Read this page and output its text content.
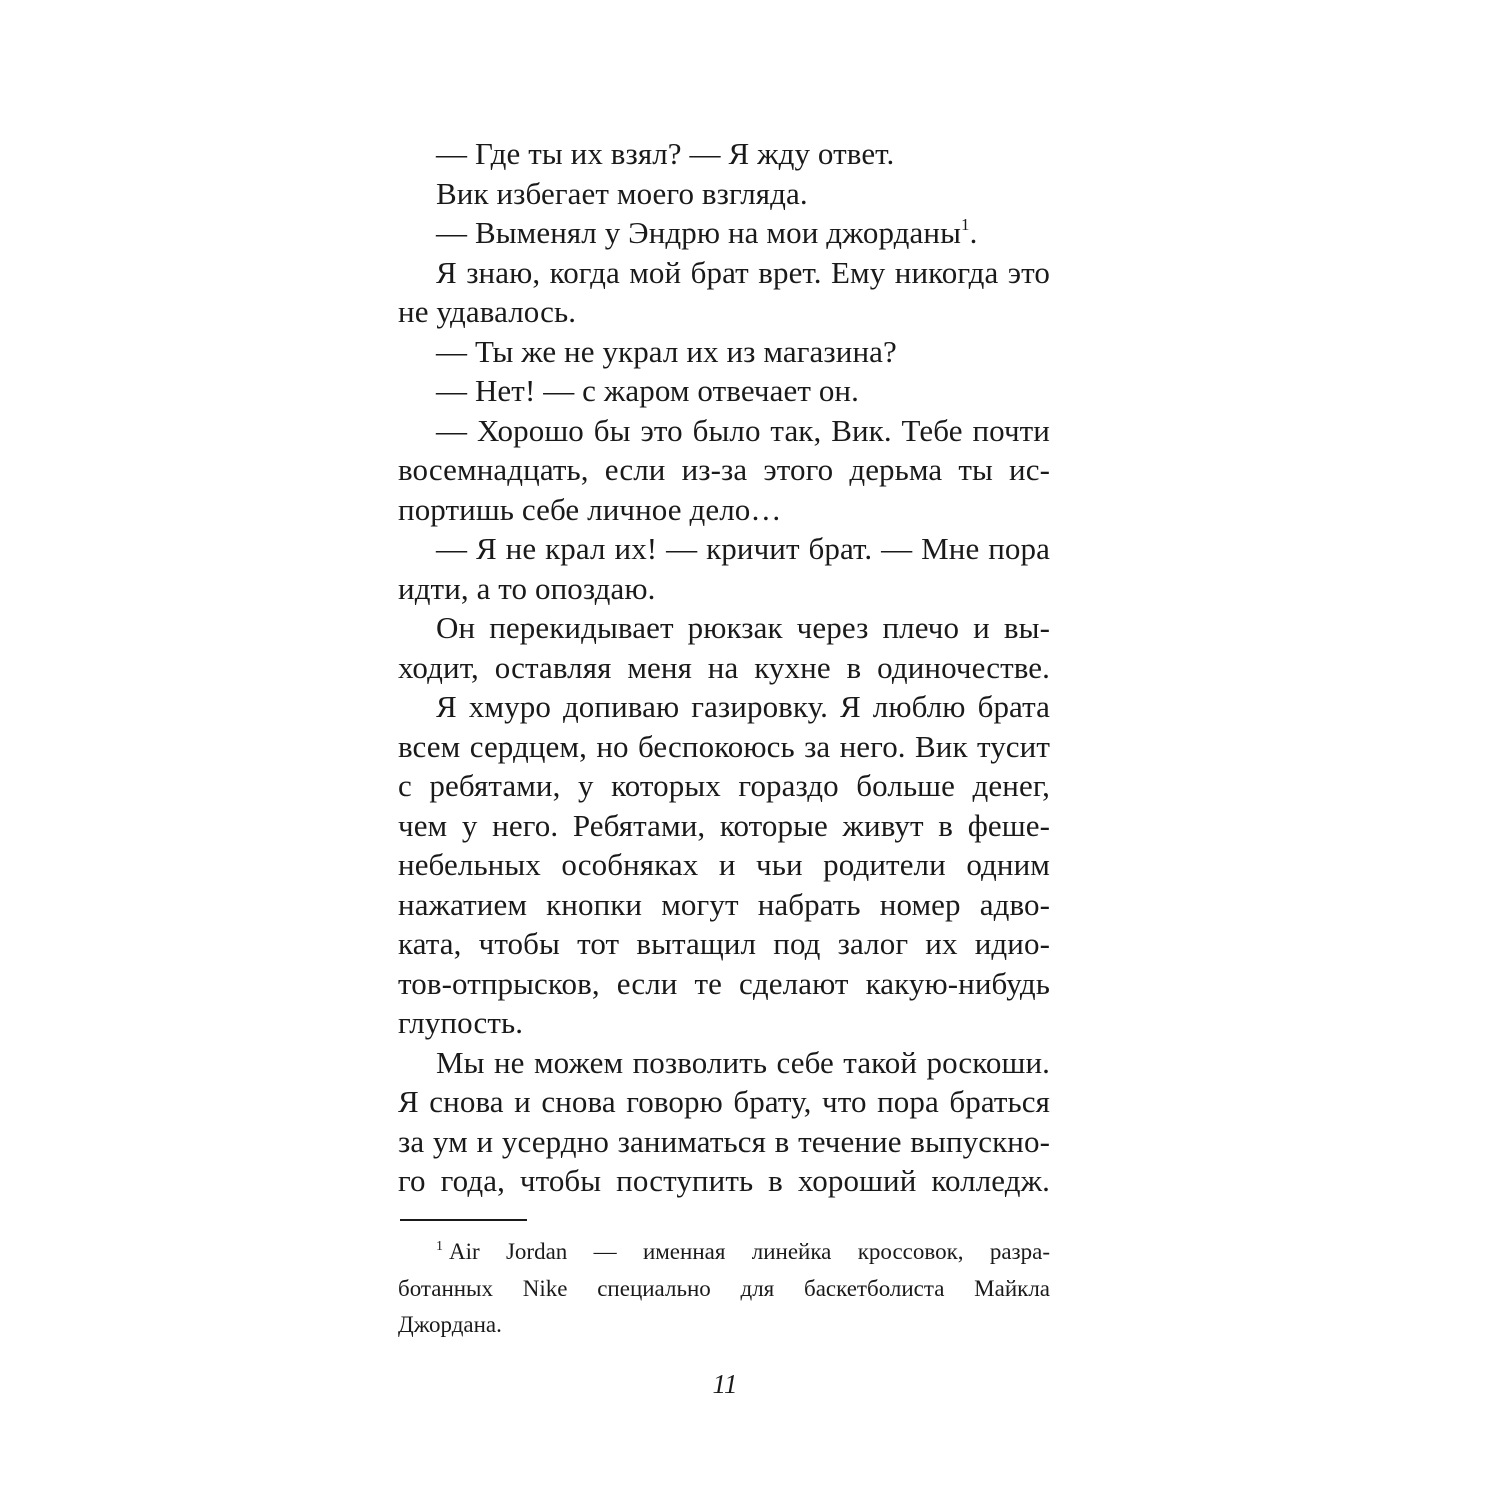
— Где ты их взял? — Я жду ответ.
Вик избегает моего взгляда.
— Выменял у Эндрю на мои джорданы$^1$.
Я знаю, когда мой брат врет. Ему никогда это
не удавалось.
— Ты же не украл их из магазина?
— Нет! — с жаром отвечает он.
— Хорошо бы это было так, Вик. Тебе почти
восемнадцать, если из-за этого дерьма ты ис-
портишь себе личное дело…
— Я не крал их! — кричит брат. — Мне пора
идти, а то опоздаю.
Он перекидывает рюкзак через плечо и вы-
ходит, оставляя меня на кухне в одиночестве.
Я хмуро допиваю газировку. Я люблю брата
всем сердцем, но беспокоюсь за него. Вик тусит
с ребятами, у которых гораздо больше денег,
чем у него. Ребятами, которые живут в феше-
небельных особняках и чьи родители одним
нажатием кнопки могут набрать номер адво-
ката, чтобы тот вытащил под залог их идио-
тов-отпрысков, если те сделают какую-нибудь
глупость.
Мы не можем позволить себе такой роскоши.
Я снова и снова говорю брату, что пора браться
за ум и усердно заниматься в течение выпускно-
го года, чтобы поступить в хороший колледж.
$^1$ Air Jordan — именная линейка кроссовок, разра-
ботанных Nike специально для баскетболиста Майкла
Джордана.
11
